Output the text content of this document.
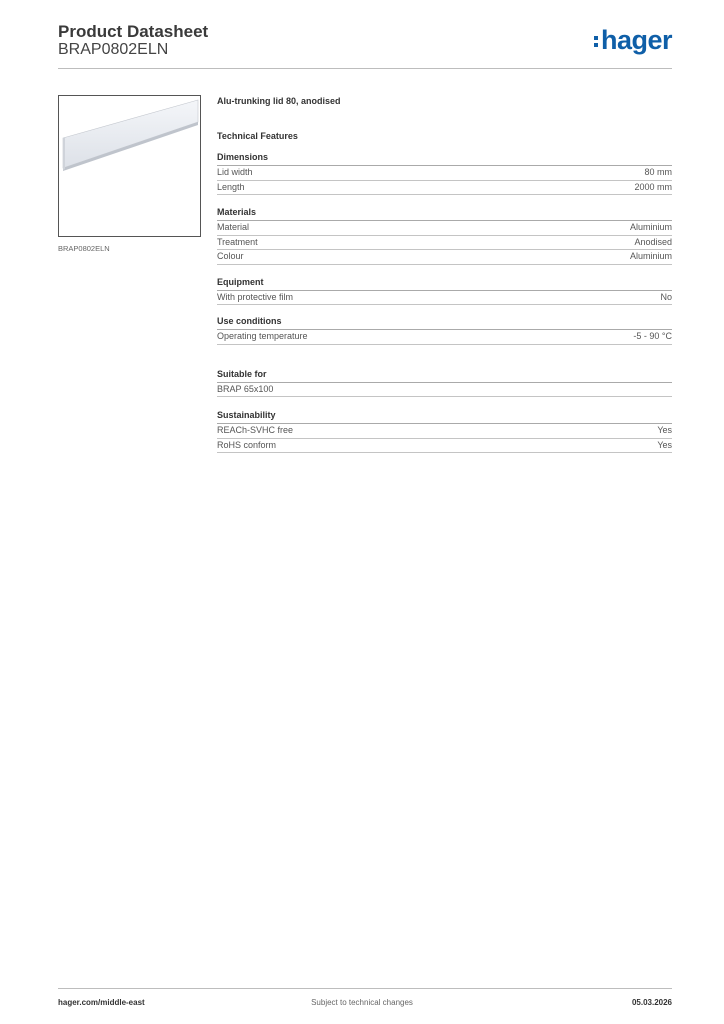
Product Datasheet
BRAP0802ELN	hager
BRAP0802ELN
Alu-trunking lid 80, anodised
Technical Features
Dimensions
Lid width	80 mm
Length	2000 mm
Materials
Material	Aluminium
Treatment	Anodised
Colour	Aluminium
Equipment
With protective film	No
Use conditions
Operating temperature	-5 - 90 °C
Suitable for
BRAP 65x100
Sustainability
REACh-SVHC free	Yes
RoHS conform	Yes
hager.com/middle-east	Subject to technical changes	05.03.2026
